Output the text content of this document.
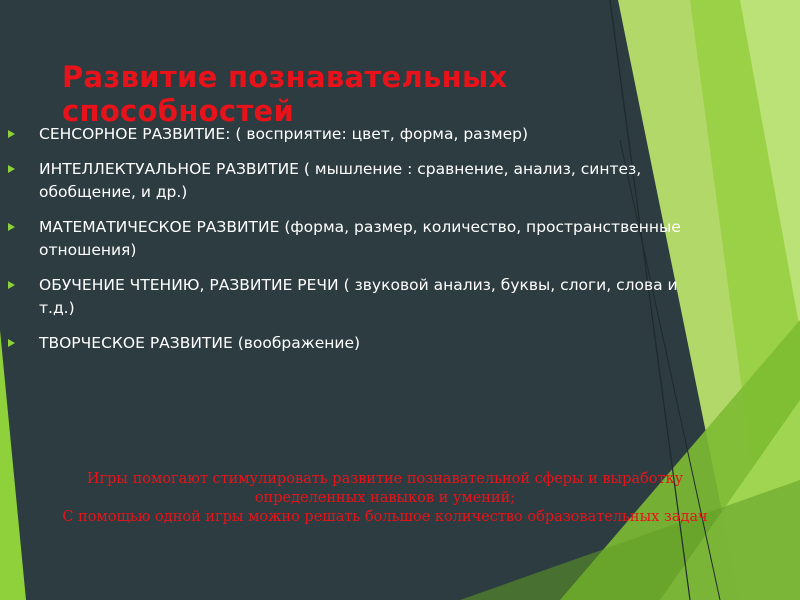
Развитие познавательных способностей
СЕНСОРНОЕ РАЗВИТИЕ: ( восприятие: цвет, форма, размер)
ИНТЕЛЛЕКТУАЛЬНОЕ РАЗВИТИЕ ( мышление : сравнение, анализ, синтез, обобщение, и др.)
МАТЕМАТИЧЕСКОЕ РАЗВИТИЕ (форма, размер, количество, пространственные отношения)
ОБУЧЕНИЕ ЧТЕНИЮ, РАЗВИТИЕ РЕЧИ ( звуковой анализ, буквы, слоги, слова и т.д.)
ТВОРЧЕСКОЕ РАЗВИТИЕ (воображение)
Игры помогают стимулировать развитие познавательной сферы и выработку определенных навыков и умений;
С помощью одной игры можно решать большое количество образовательных задач
